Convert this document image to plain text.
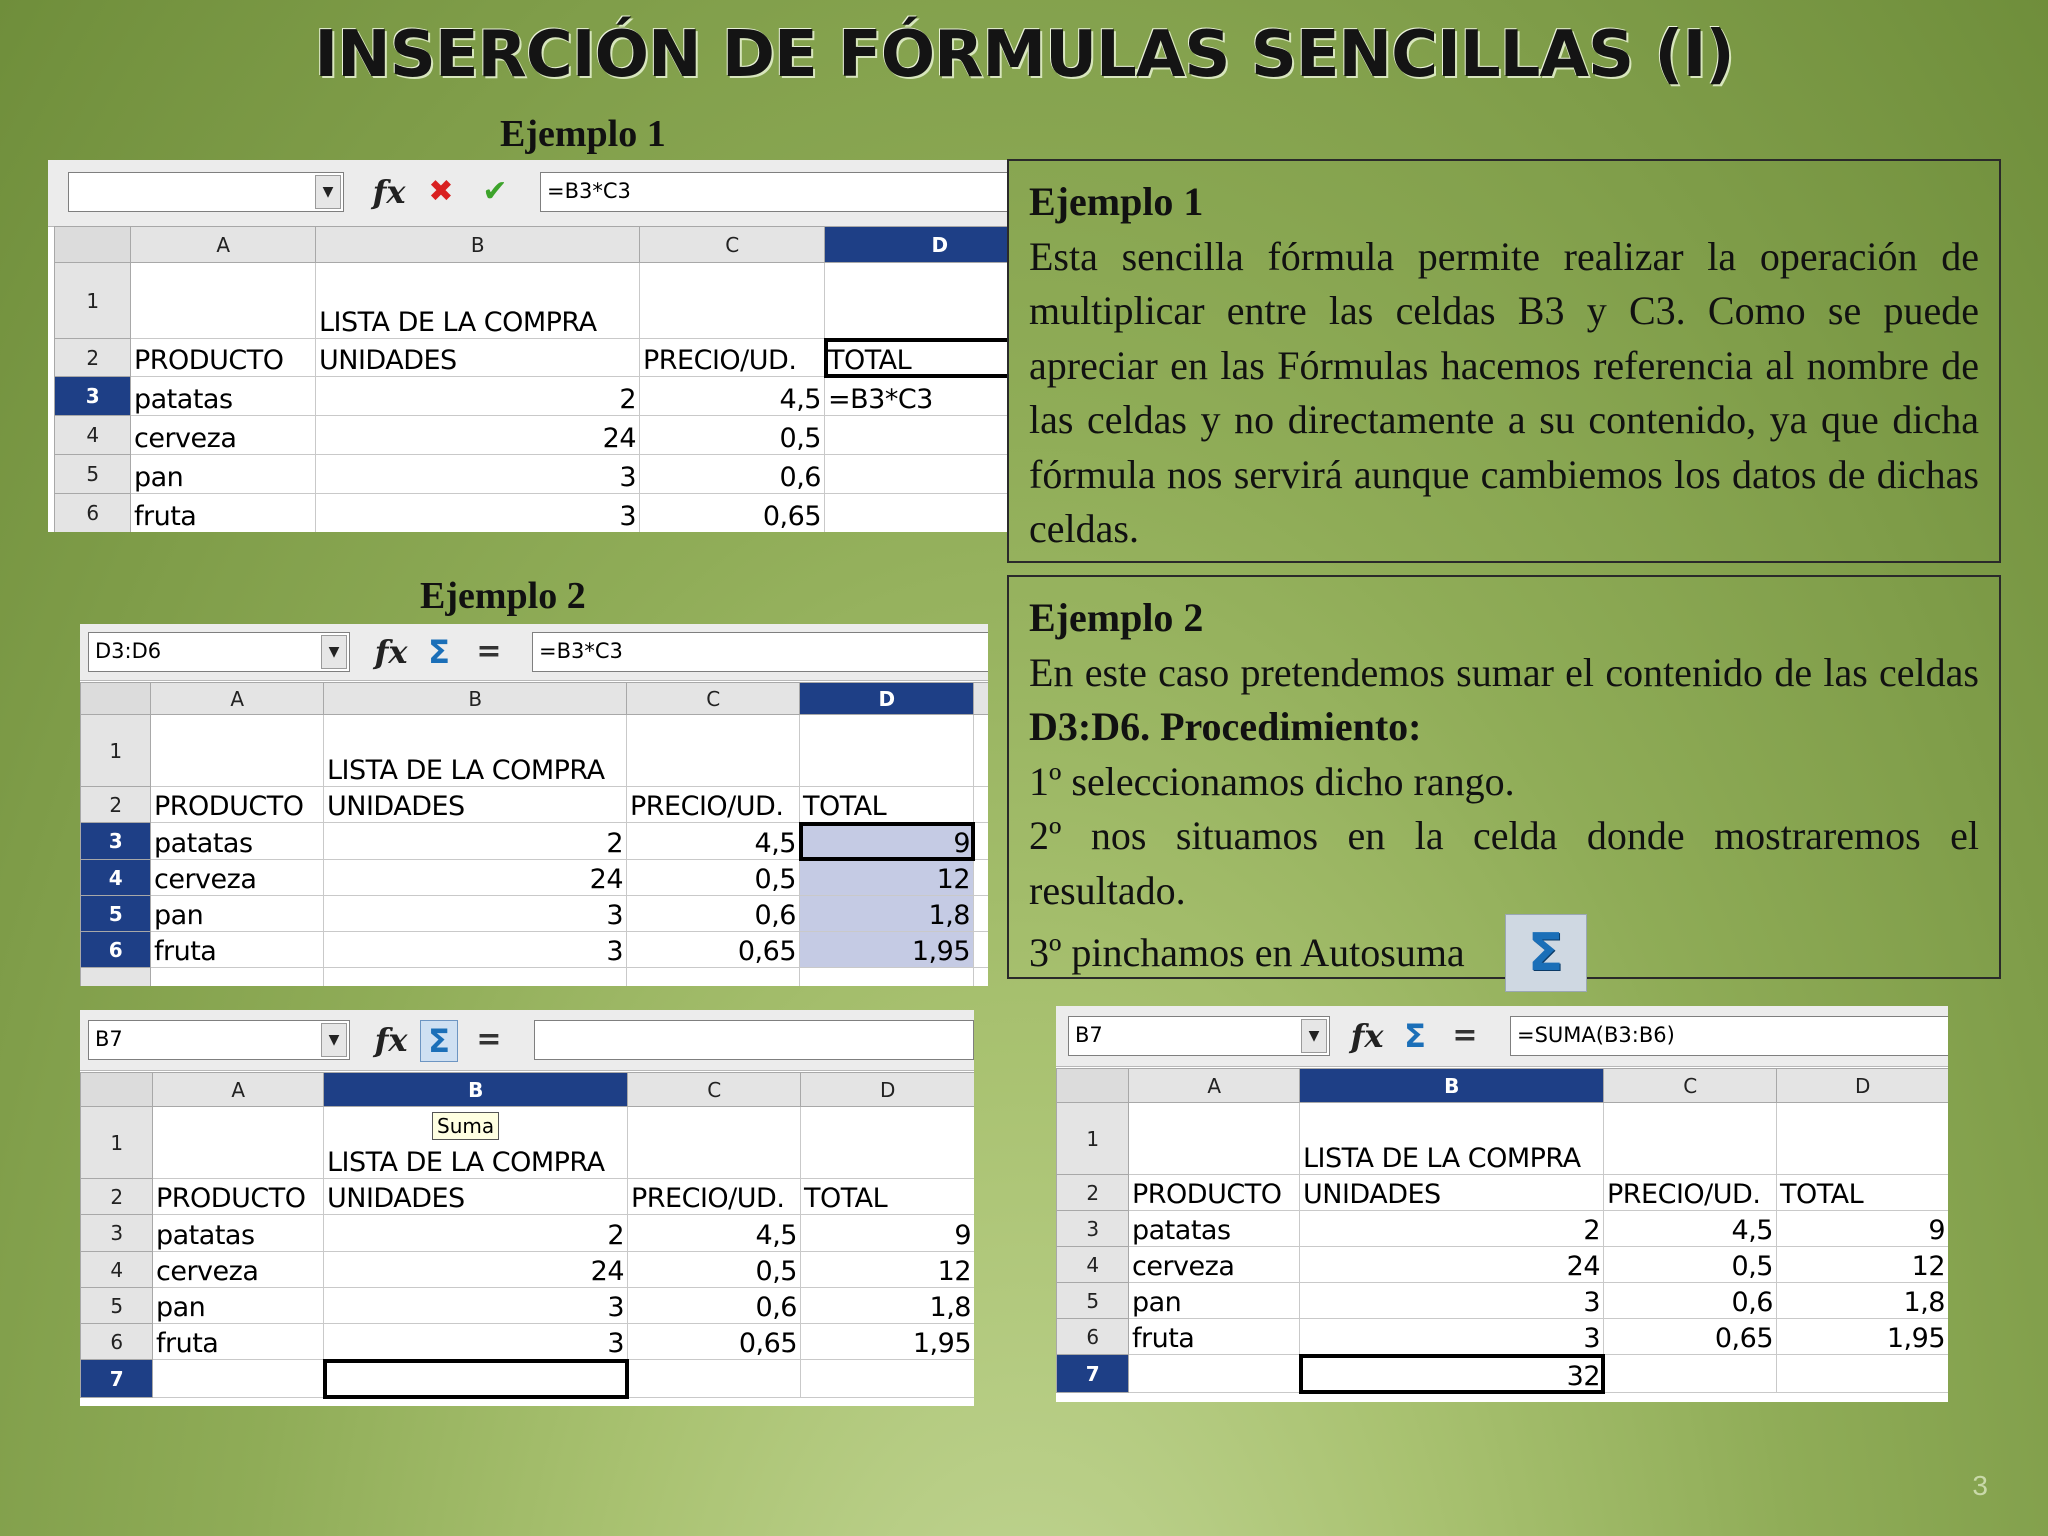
INSERCIÓN DE FÓRMULAS SENCILLAS (I)
Ejemplo 1
Ejemplo 2
▼ fx ✖ ✔	=B3*C3
	A	B	C	D
1		LISTA DE LA COMPRA		
2	PRODUCTO	UNIDADES	PRECIO/UD.	TOTAL
3	patatas	2	4,5	=B3*C3
4	cerveza	24	0,5	
5	pan	3	0,6	
6	fruta	3	0,65	
Ejemplo 1

Esta sencilla fórmula permite realizar la operación de multiplicar entre las celdas B3 y C3. Como se puede apreciar en las Fórmulas hacemos referencia al nombre de las celdas y no directamente a su contenido, ya que dicha fórmula nos servirá aunque cambiemos los datos de dichas celdas.

D3:D6	▼ fx Σ =	=B3*C3
	A	B	C	D	
1		LISTA DE LA COMPRA			
2	PRODUCTO	UNIDADES	PRECIO/UD.	TOTAL	
3	patatas	2	4,5	9	
4	cerveza	24	0,5	12	
5	pan	3	0,6	1,8	
6	fruta	3	0,65	1,95	

Ejemplo 2

En este caso pretendemos sumar el contenido de las celdas D3:D6. Procedimiento:

1º seleccionamos dicho rango.

2º nos situamos en la celda donde mostraremos el resultado.

3º pinchamos en Autosuma	Σ

B7	▼ fx Σ =
	A	B	C	D
1		LISTA DE LA COMPRA		
2	PRODUCTO	UNIDADES	PRECIO/UD.	TOTAL
3	patatas	2	4,5	9
4	cerveza	24	0,5	12
5	pan	3	0,6	1,8
6	fruta	3	0,65	1,95
7				
Suma
B7	▼ fx Σ =	=SUMA(B3:B6)
	A	B	C	D
1		LISTA DE LA COMPRA		
2	PRODUCTO	UNIDADES	PRECIO/UD.	TOTAL
3	patatas	2	4,5	9
4	cerveza	24	0,5	12
5	pan	3	0,6	1,8
6	fruta	3	0,65	1,95
7		32		
3
